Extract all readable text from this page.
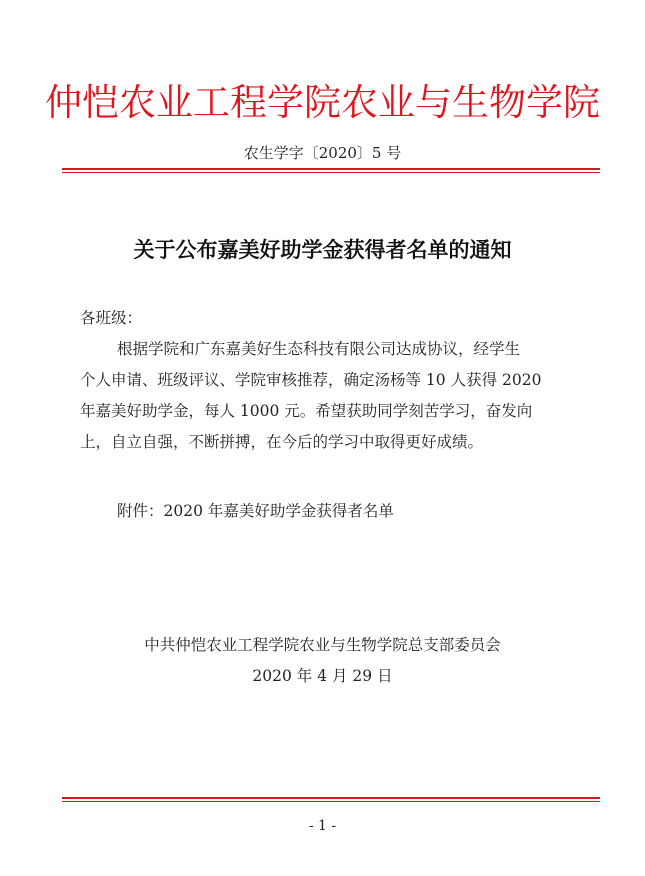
仲恺农业工程学院农业与生物学院
农生学字〔2020〕5 号
关于公布嘉美好助学金获得者名单的通知
各班级：
根据学院和广东嘉美好生态科技有限公司达成协议，经学生
个人申请、班级评议、学院审核推荐，确定汤杨等 10 人获得 2020
年嘉美好助学金，每人 1000 元。希望获助同学刻苦学习，奋发向
上，自立自强，不断拼搏，在今后的学习中取得更好成绩。
附件：2020 年嘉美好助学金获得者名单
中共仲恺农业工程学院农业与生物学院总支部委员会
2020 年 4 月 29 日
- 1 -
